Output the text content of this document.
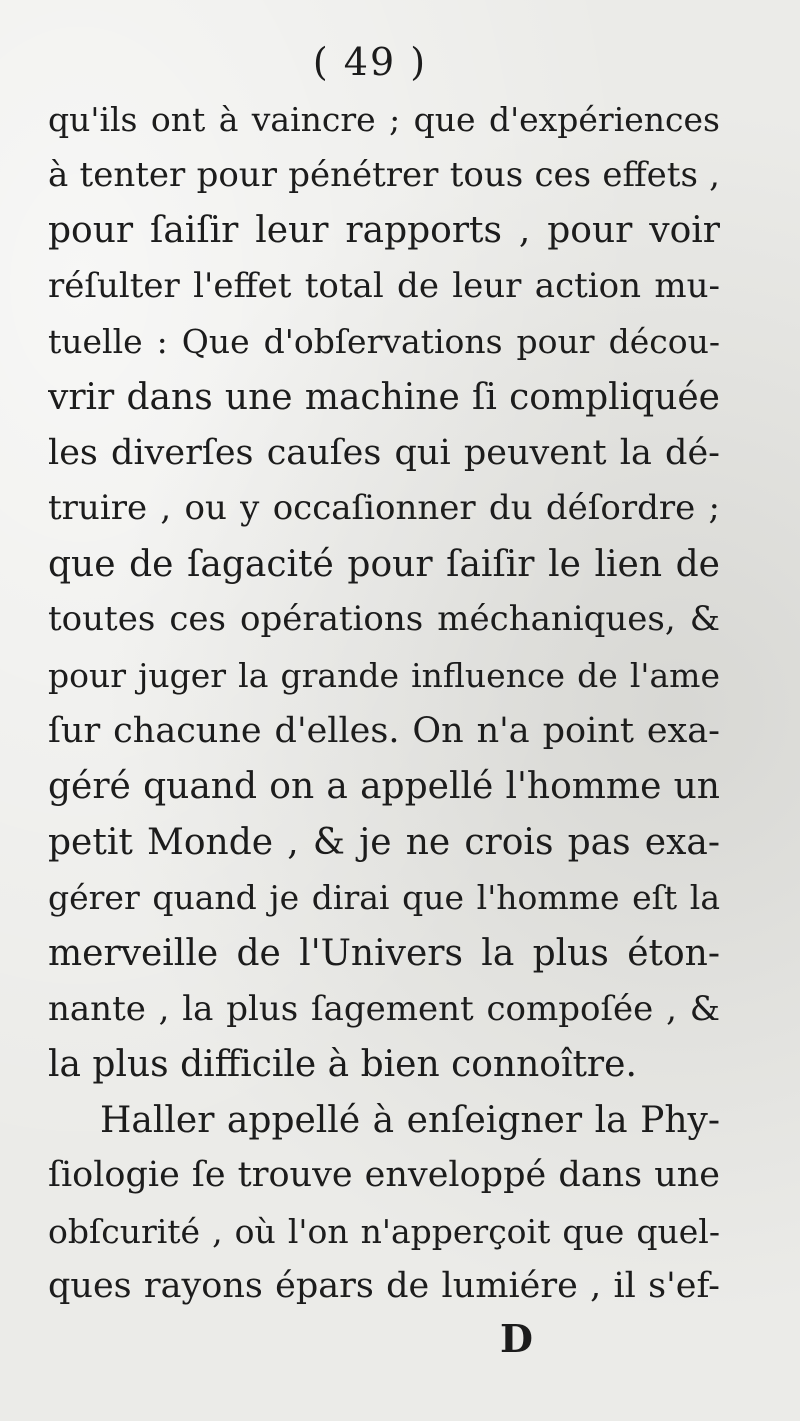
( 49 )
qu'ils ont à vaincre ; que d'expériences
à tenter pour pénétrer tous ces effets ,
pour ſaiſir leur rapports , pour voir
réſulter l'effet total de leur action mu-
tuelle : Que d'obſervations pour décou-
vrir dans une machine ſi compliquée
les diverſes cauſes qui peuvent la dé-
truire , ou y occaſionner du déſordre ;
que de ſagacité pour ſaiſir le lien de
toutes ces opérations méchaniques, &
pour juger la grande influence de l'ame
ſur chacune d'elles. On n'a point exa-
géré quand on a appellé l'homme un
petit Monde , & je ne crois pas exa-
gérer quand je dirai que l'homme eſt la
merveille de l'Univers la plus éton-
nante , la plus ſagement compoſée , &
la plus difficile à bien connoître.
Haller appellé à enſeigner la Phy-
ſiologie ſe trouve enveloppé dans une
obſcurité , où l'on n'apperçoit que quel-
ques rayons épars de lumiére , il s'ef-
D
